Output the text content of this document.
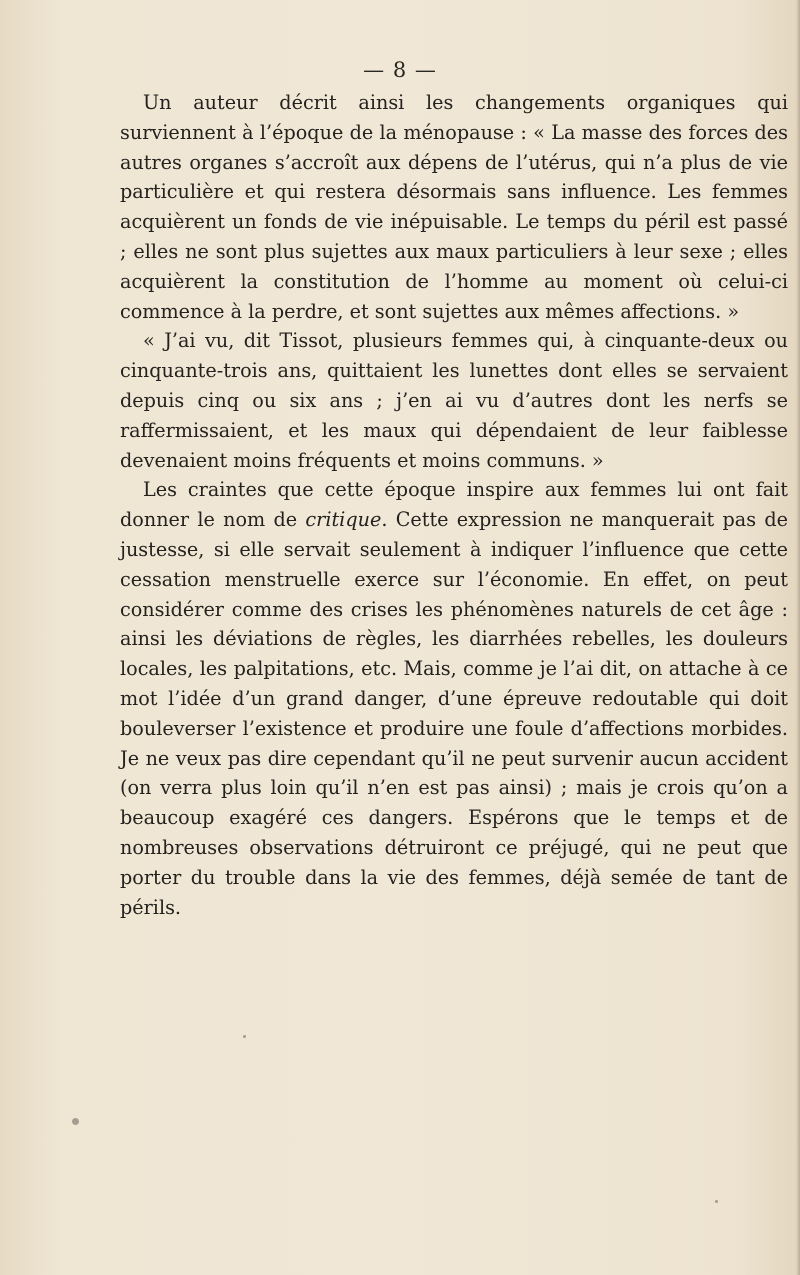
— 8 —

Un auteur décrit ainsi les changements organiques qui surviennent à l’époque de la ménopause : « La masse des forces des autres organes s’accroît aux dépens de l’utérus, qui n’a plus de vie particulière et qui restera désormais sans influence. Les femmes acquièrent un fonds de vie inépuisable. Le temps du péril est passé ; elles ne sont plus sujettes aux maux particuliers à leur sexe ; elles acquièrent la constitution de l’homme au moment où celui-ci commence à la perdre, et sont sujettes aux mêmes affections. »

« J’ai vu, dit Tissot, plusieurs femmes qui, à cinquante-deux ou cinquante-trois ans, quittaient les lunettes dont elles se servaient depuis cinq ou six ans ; j’en ai vu d’autres dont les nerfs se raffermissaient, et les maux qui dépendaient de leur faiblesse devenaient moins fréquents et moins communs. »

Les craintes que cette époque inspire aux femmes lui ont fait donner le nom de critique. Cette expression ne manquerait pas de justesse, si elle servait seulement à indiquer l’influence que cette cessation menstruelle exerce sur l’économie. En effet, on peut considérer comme des crises les phénomènes naturels de cet âge : ainsi les déviations de règles, les diarrhées rebelles, les douleurs locales, les palpitations, etc. Mais, comme je l’ai dit, on attache à ce mot l’idée d’un grand danger, d’une épreuve redoutable qui doit bouleverser l’existence et produire une foule d’affections morbides. Je ne veux pas dire cependant qu’il ne peut survenir aucun accident (on verra plus loin qu’il n’en est pas ainsi) ; mais je crois qu’on a beaucoup exagéré ces dangers. Espérons que le temps et de nombreuses observations détruiront ce préjugé, qui ne peut que porter du trouble dans la vie des femmes, déjà semée de tant de périls.
